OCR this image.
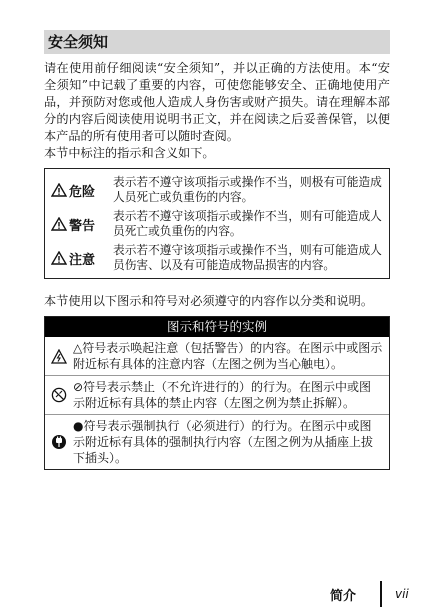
安全须知

请在使用前仔细阅读“安全须知”，并以正确的方法使用。本“安全须知”中记载了重要的内容，可使您能够安全、正确地使用产品，并预防对您或他人造成人身伤害或财产损失。请在理解本部分的内容后阅读使用说明书正文，并在阅读之后妥善保管，以便本产品的所有使用者可以随时查阅。

本节中标注的指示和含义如下。

危险
表示若不遵守该项指示或操作不当，则极有可能造成人员死亡或负重伤的内容。
警告
表示若不遵守该项指示或操作不当，则有可能造成人员死亡或负重伤的内容。
注意
表示若不遵守该项指示或操作不当，则有可能造成人员伤害、以及有可能造成物品损害的内容。
本节使用以下图示和符号对必须遵守的内容作以分类和说明。
图示和符号的实例
△符号表示唤起注意（包括警告）的内容。在图示中或图示附近标有具体的注意内容（左图之例为当心触电）。
⊘符号表示禁止（不允许进行的）的行为。在图示中或图示附近标有具体的禁止内容（左图之例为禁止拆解）。
●符号表示强制执行（必须进行）的行为。在图示中或图示附近标有具体的强制执行内容（左图之例为从插座上拔下插头）。
简介	vii
